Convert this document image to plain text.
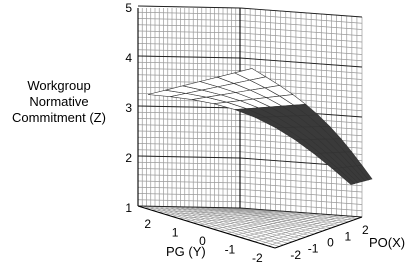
1
2
3
4
5
2
1
0
-1
-2 -2 -1 0 1 2
Workgroup
Normative
Commitment (Z)
PG (Y)
PO(X)
